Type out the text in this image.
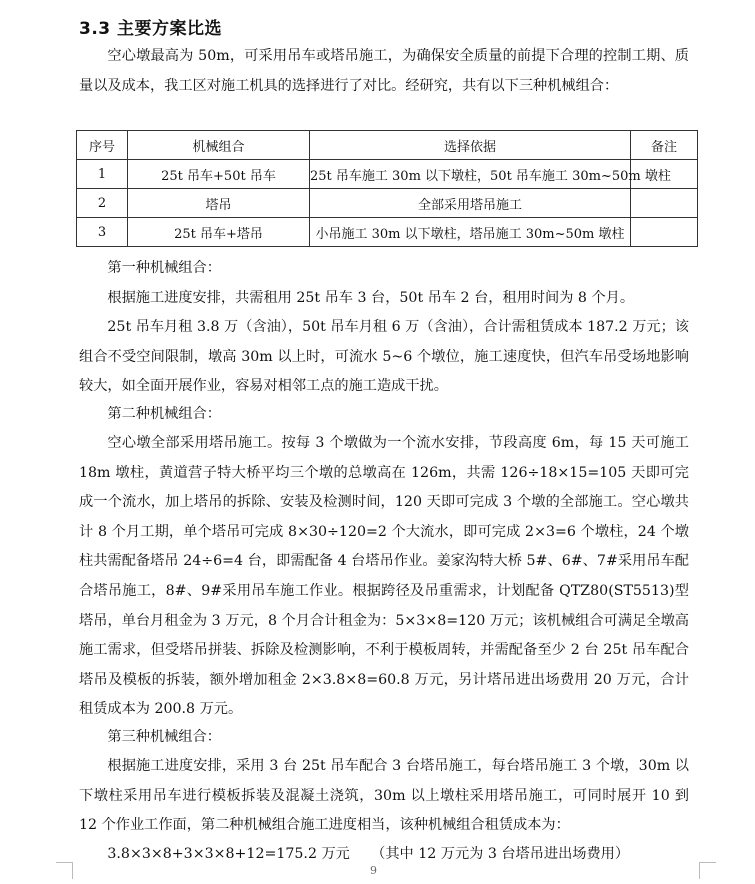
3.3 主要方案比选

空心墩最高为 50m，可采用吊车或塔吊施工，为确保安全质量的前提下合理的控制工期、质量以及成本，我工区对施工机具的选择进行了对比。经研究，共有以下三种机械组合：

序号	机械组合	选择依据	备注
1	25t 吊车+50t 吊车	25t 吊车施工 30m 以下墩柱，50t 吊车施工 30m~50m 墩柱	
2	塔吊	全部采用塔吊施工	
3	25t 吊车+塔吊	小吊施工 30m 以下墩柱，塔吊施工 30m~50m 墩柱	

第一种机械组合：

根据施工进度安排，共需租用 25t 吊车 3 台，50t 吊车 2 台，租用时间为 8 个月。

25t 吊车月租 3.8 万（含油），50t 吊车月租 6 万（含油），合计需租赁成本 187.2 万元；该组合不受空间限制，墩高 30m 以上时，可流水 5~6 个墩位，施工速度快，但汽车吊受场地影响较大，如全面开展作业，容易对相邻工点的施工造成干扰。

第二种机械组合：

空心墩全部采用塔吊施工。按每 3 个墩做为一个流水安排，节段高度 6m，每 15 天可施工 18m 墩柱，黄道营子特大桥平均三个墩的总墩高在 126m，共需 126÷18×15=105 天即可完成一个流水，加上塔吊的拆除、安装及检测时间，120 天即可完成 3 个墩的全部施工。空心墩共计 8 个月工期，单个塔吊可完成 8×30÷120=2 个大流水，即可完成 2×3=6 个墩柱，24 个墩柱共需配备塔吊 24÷6=4 台，即需配备 4 台塔吊作业。姜家沟特大桥 5#、6#、7#采用吊车配合塔吊施工，8#、9#采用吊车施工作业。根据跨径及吊重需求，计划配备 QTZ80(ST5513)型塔吊，单台月租金为 3 万元，8 个月合计租金为：5×3×8=120 万元；该机械组合可满足全墩高施工需求，但受塔吊拼装、拆除及检测影响，不利于模板周转，并需配备至少 2 台 25t 吊车配合塔吊及模板的拆装，额外增加租金 2×3.8×8=60.8 万元，另计塔吊进出场费用 20 万元，合计租赁成本为 200.8 万元。

第三种机械组合：

根据施工进度安排，采用 3 台 25t 吊车配合 3 台塔吊施工，每台塔吊施工 3 个墩，30m 以下墩柱采用吊车进行模板拆装及混凝土浇筑，30m 以上墩柱采用塔吊施工，可同时展开 10 到 12 个作业工作面，第二种机械组合施工进度相当，该种机械组合租赁成本为：

3.8×3×8+3×3×8+12=175.2 万元　　（其中 12 万元为 3 台塔吊进出场费用）

9
